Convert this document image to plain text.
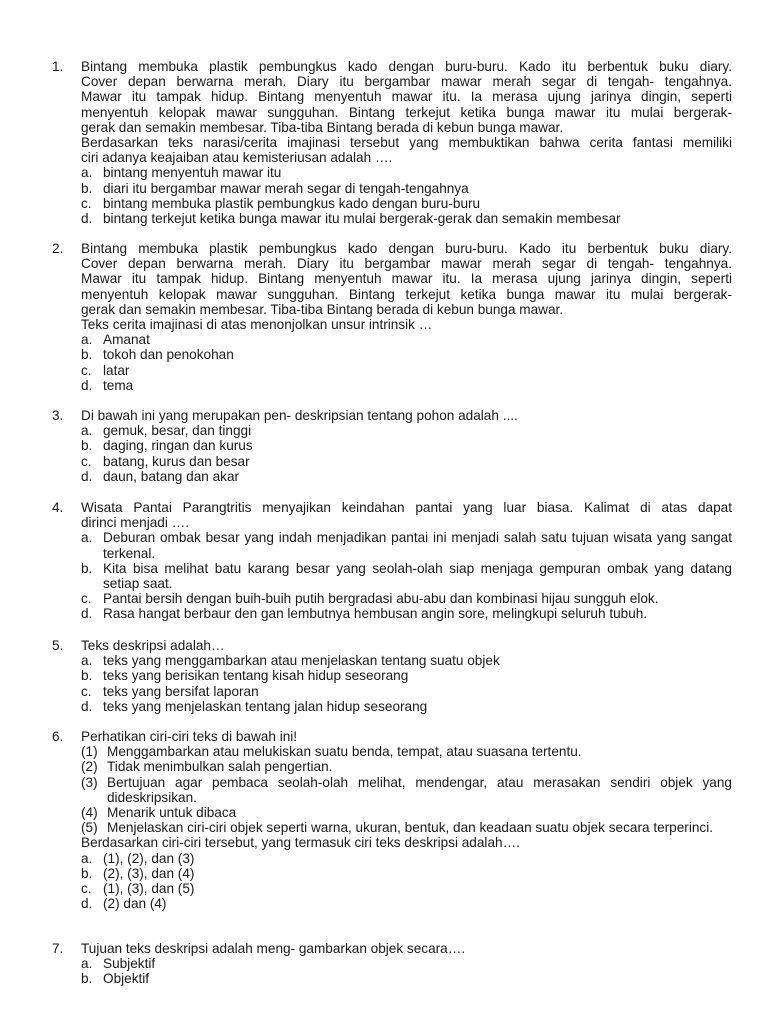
1.	Bintang membuka plastik pembungkus kado dengan buru-buru. Kado itu berbentuk buku diary.
Cover depan berwarna merah. Diary itu bergambar mawar merah segar di tengah- tengahnya.
Mawar itu tampak hidup. Bintang menyentuh mawar itu. Ia merasa ujung jarinya dingin, seperti
menyentuh kelopak mawar sungguhan. Bintang terkejut ketika bunga mawar itu mulai bergerak-
gerak dan semakin membesar. Tiba-tiba Bintang berada di kebun bunga mawar.
Berdasarkan teks narasi/cerita imajinasi tersebut yang membuktikan bahwa cerita fantasi memiliki
ciri adanya keajaiban atau kemisteriusan adalah ….
a. bintang menyentuh mawar itu
b. diari itu bergambar mawar merah segar di tengah-tengahnya
c. bintang membuka plastik pembungkus kado dengan buru-buru
d. bintang terkejut ketika bunga mawar itu mulai bergerak-gerak dan semakin membesar
2.	Bintang membuka plastik pembungkus kado dengan buru-buru. Kado itu berbentuk buku diary.
Cover depan berwarna merah. Diary itu bergambar mawar merah segar di tengah- tengahnya.
Mawar itu tampak hidup. Bintang menyentuh mawar itu. Ia merasa ujung jarinya dingin, seperti
menyentuh kelopak mawar sungguhan. Bintang terkejut ketika bunga mawar itu mulai bergerak-
gerak dan semakin membesar. Tiba-tiba Bintang berada di kebun bunga mawar.
Teks cerita imajinasi di atas menonjolkan unsur intrinsik …
a. Amanat
b. tokoh dan penokohan
c. latar
d. tema
3.	Di bawah ini yang merupakan pen- deskripsian tentang pohon adalah ....
a. gemuk, besar, dan tinggi
b. daging, ringan dan kurus
c. batang, kurus dan besar
d. daun, batang dan akar
4.	Wisata Pantai Parangtritis menyajikan keindahan pantai yang luar biasa. Kalimat di atas dapat
dirinci menjadi ….
a. Deburan ombak besar yang indah menjadikan pantai ini menjadi salah satu tujuan wisata yang sangat terkenal.
b. Kita bisa melihat batu karang besar yang seolah-olah siap menjaga gempuran ombak yang datang setiap saat.
c. Pantai bersih dengan buih-buih putih bergradasi abu-abu dan kombinasi hijau sungguh elok.
d. Rasa hangat berbaur den gan lembutnya hembusan angin sore, melingkupi seluruh tubuh.
5.	Teks deskripsi adalah…
a. teks yang menggambarkan atau menjelaskan tentang suatu objek
b. teks yang berisikan tentang kisah hidup seseorang
c. teks yang bersifat laporan
d. teks yang menjelaskan tentang jalan hidup seseorang
6.	Perhatikan ciri-ciri teks di bawah ini!
(1) Menggambarkan atau melukiskan suatu benda, tempat, atau suasana tertentu.
(2) Tidak menimbulkan salah pengertian.
(3) Bertujuan agar pembaca seolah-olah melihat, mendengar, atau merasakan sendiri objek yang dideskripsikan.
(4) Menarik untuk dibaca
(5) Menjelaskan ciri-ciri objek seperti warna, ukuran, bentuk, dan keadaan suatu objek secara terperinci.
Berdasarkan ciri-ciri tersebut, yang termasuk ciri teks deskripsi adalah….
a. (1), (2), dan (3)
b. (2), (3), dan (4)
c. (1), (3), dan (5)
d. (2) dan (4)
7.	Tujuan teks deskripsi adalah meng- gambarkan objek secara….
a. Subjektif
b. Objektif
